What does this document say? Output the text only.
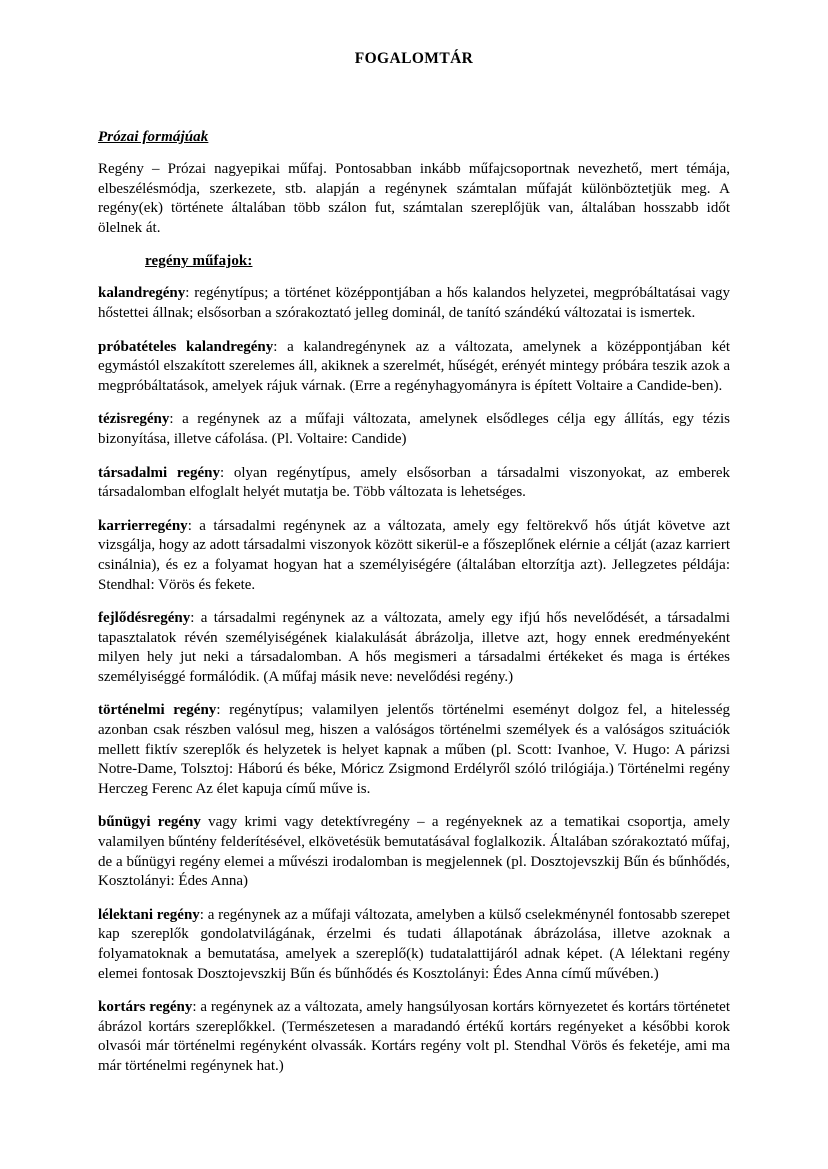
FOGALOMTÁR

Prózai formájúak

Regény – Prózai nagyepikai műfaj. Pontosabban inkább műfajcsoportnak nevezhető, mert témája, elbeszélésmódja, szerkezete, stb. alapján a regénynek számtalan műfaját különböztetjük meg. A regény(ek) története általában több szálon fut, számtalan szereplőjük van, általában hosszabb időt ölelnek át.

regény műfajok:

kalandregény: regénytípus; a történet középpontjában a hős kalandos helyzetei, megpróbáltatásai vagy hőstettei állnak; elsősorban a szórakoztató jelleg dominál, de tanító szándékú változatai is ismertek.

próbatételes kalandregény: a kalandregénynek az a változata, amelynek a középpontjában két egymástól elszakított szerelemes áll, akiknek a szerelmét, hűségét, erényét mintegy próbára teszik azok a megpróbáltatások, amelyek rájuk várnak. (Erre a regényhagyományra is épített Voltaire a Candide-ben).

tézisregény: a regénynek az a műfaji változata, amelynek elsődleges célja egy állítás, egy tézis bizonyítása, illetve cáfolása. (Pl. Voltaire: Candide)

társadalmi regény: olyan regénytípus, amely elsősorban a társadalmi viszonyokat, az emberek társadalomban elfoglalt helyét mutatja be. Több változata is lehetséges.

karrierregény: a társadalmi regénynek az a változata, amely egy feltörekvő hős útját követve azt vizsgálja, hogy az adott társadalmi viszonyok között sikerül-e a főszeplőnek elérnie a célját (azaz karriert csinálnia), és ez a folyamat hogyan hat a személyiségére (általában eltorzítja azt). Jellegzetes példája: Stendhal: Vörös és fekete.

fejlődésregény: a társadalmi regénynek az a változata, amely egy ifjú hős nevelődését, a társadalmi tapasztalatok révén személyiségének kialakulását ábrázolja, illetve azt, hogy ennek eredményeként milyen hely jut neki a társadalomban. A hős megismeri a társadalmi értékeket és maga is értékes személyiséggé formálódik. (A műfaj másik neve: nevelődési regény.)

történelmi regény: regénytípus; valamilyen jelentős történelmi eseményt dolgoz fel, a hitelesség azonban csak részben valósul meg, hiszen a valóságos történelmi személyek és a valóságos szituációk mellett fiktív szereplők és helyzetek is helyet kapnak a műben (pl. Scott: Ivanhoe, V. Hugo: A párizsi Notre-Dame, Tolsztoj: Háború és béke, Móricz Zsigmond Erdélyről szóló trilógiája.) Történelmi regény Herczeg Ferenc Az élet kapuja című műve is.

bűnügyi regény vagy krimi vagy detektívregény – a regényeknek az a tematikai csoportja, amely valamilyen bűntény felderítésével, elkövetésük bemutatásával foglalkozik. Általában szórakoztató műfaj, de a bűnügyi regény elemei a művészi irodalomban is megjelennek (pl. Dosztojevszkij Bűn és bűnhődés, Kosztolányi: Édes Anna)

lélektani regény: a regénynek az a műfaji változata, amelyben a külső cselekménynél fontosabb szerepet kap szereplők gondolatvilágának, érzelmi és tudati állapotának ábrázolása, illetve azoknak a folyamatoknak a bemutatása, amelyek a szereplő(k) tudatalattijáról adnak képet. (A lélektani regény elemei fontosak Dosztojevszkij Bűn és bűnhődés és Kosztolányi: Édes Anna című művében.)

kortárs regény: a regénynek az a változata, amely hangsúlyosan kortárs környezetet és kortárs történetet ábrázol kortárs szereplőkkel. (Természetesen a maradandó értékű kortárs regényeket a későbbi korok olvasói már történelmi regényként olvassák. Kortárs regény volt pl. Stendhal Vörös és feketéje, ami ma már történelmi regénynek hat.)
